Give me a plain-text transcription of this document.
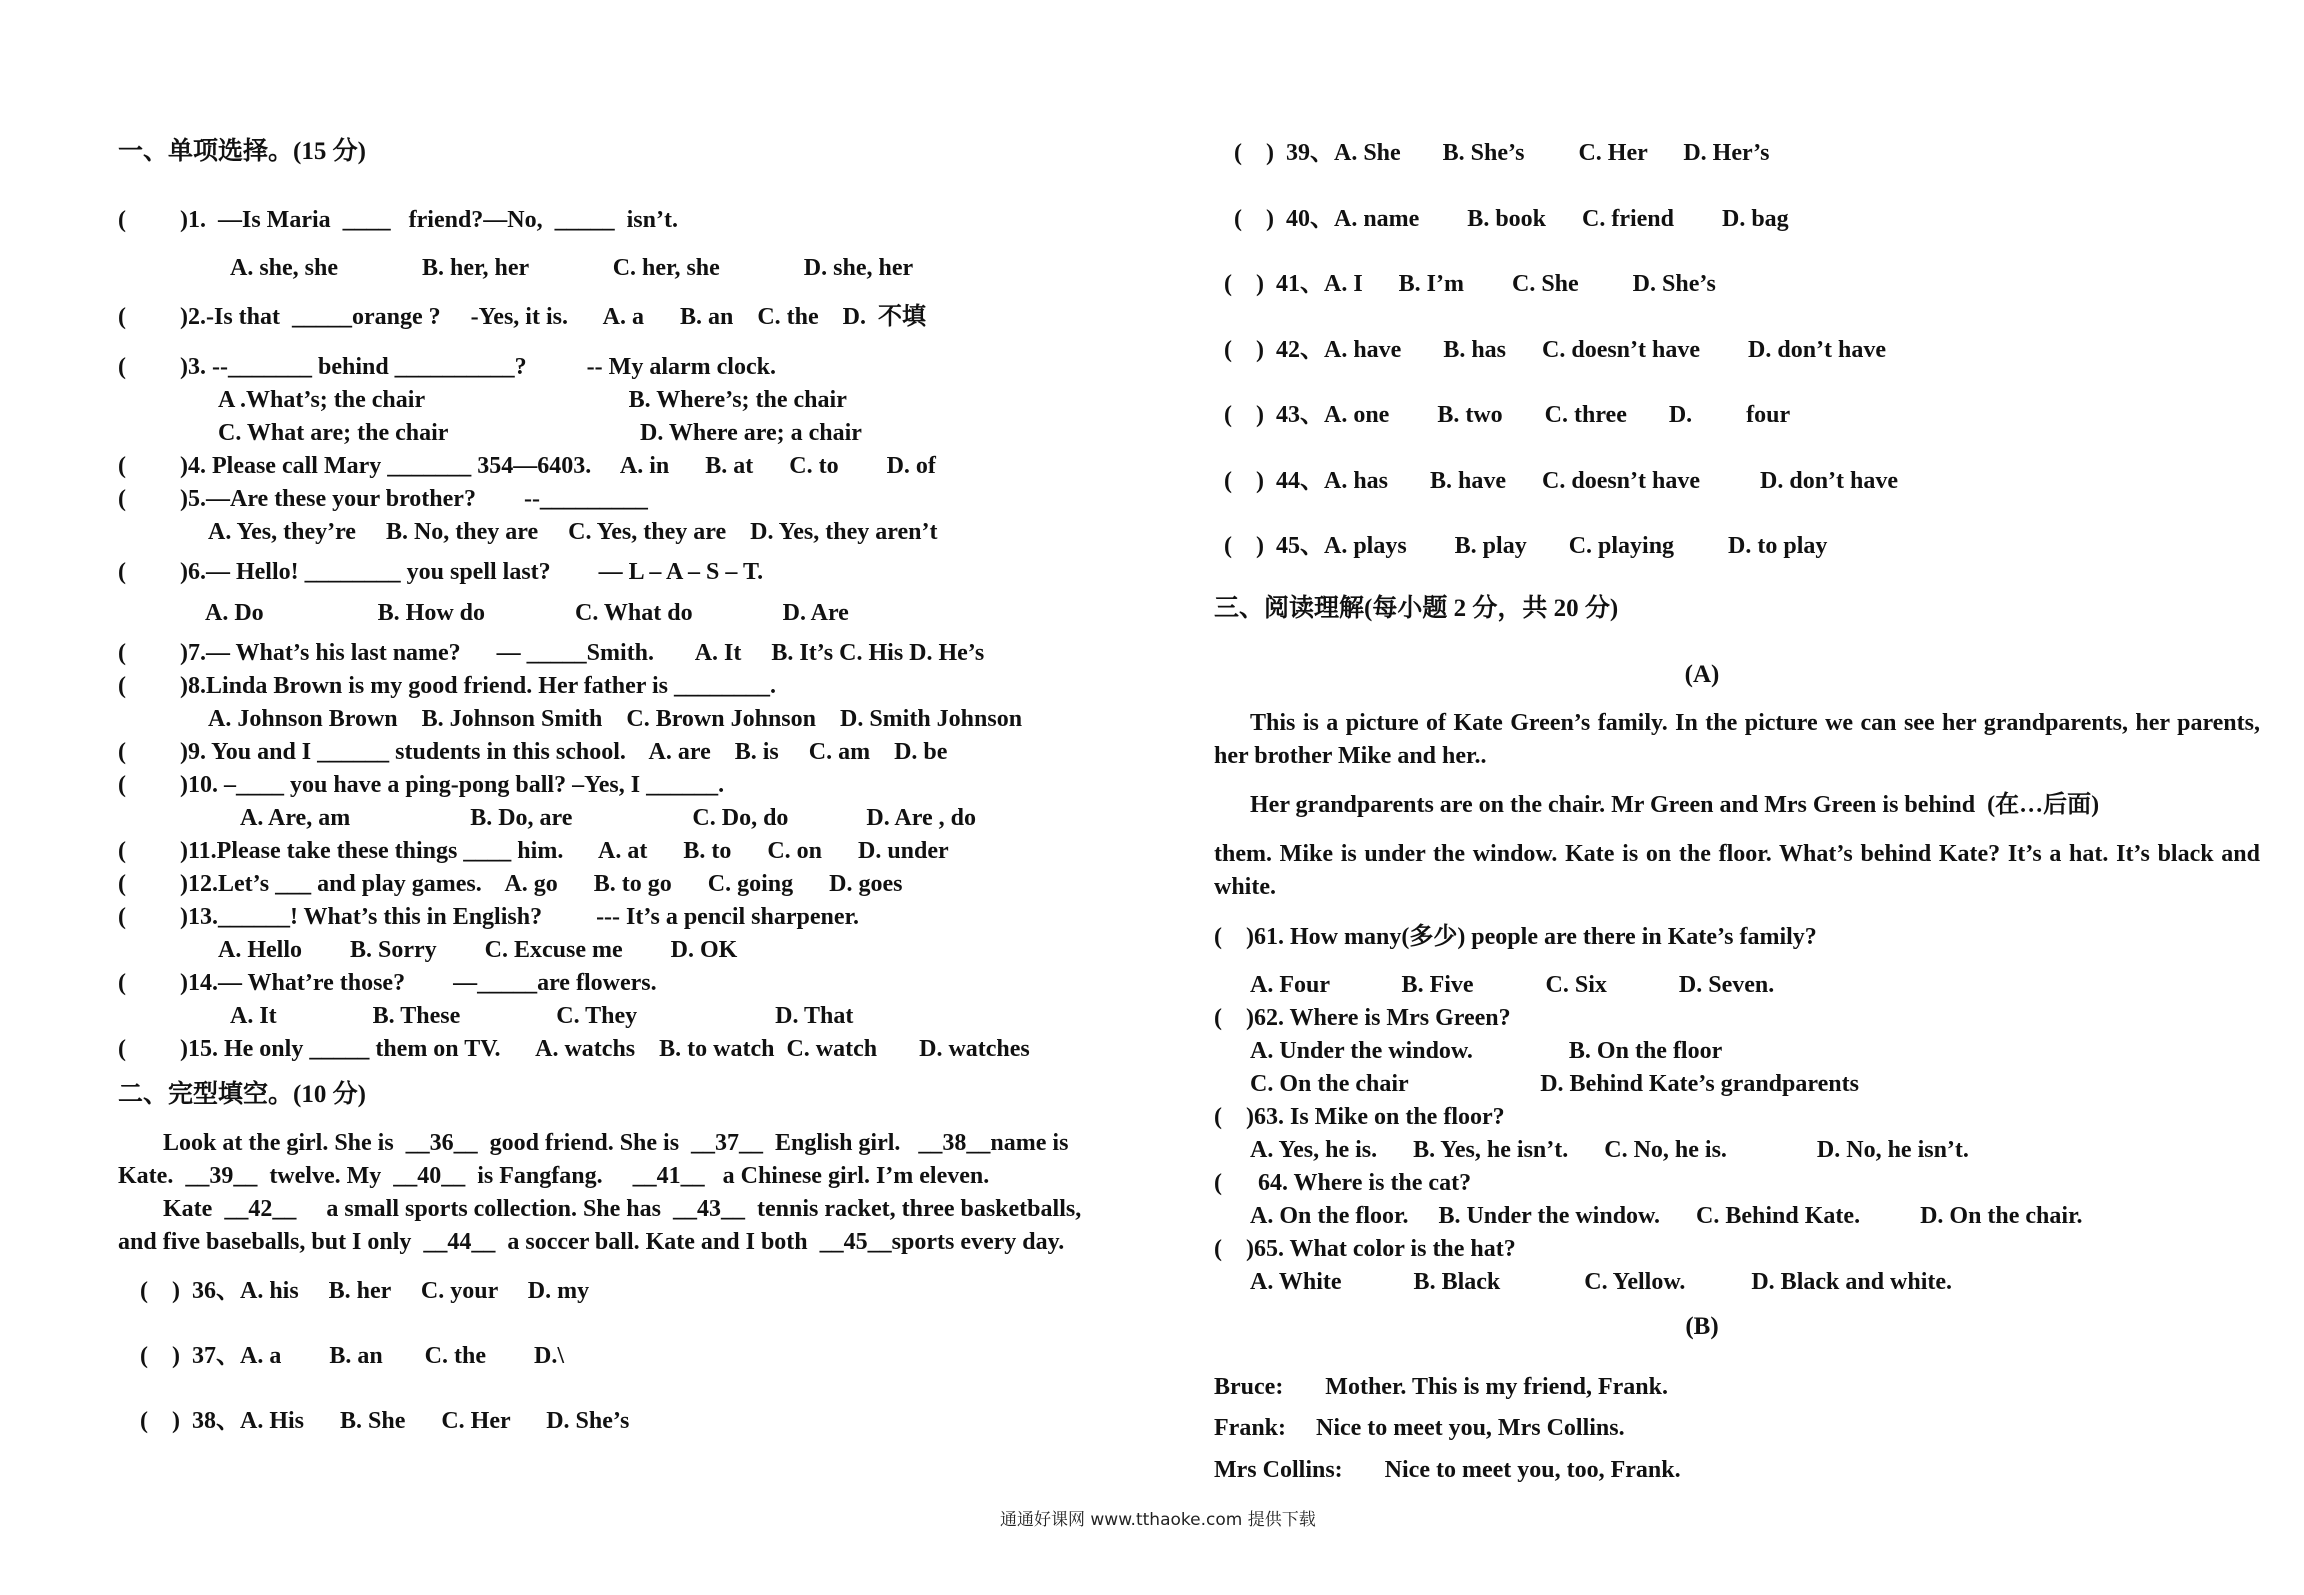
一、单项选择。(15 分)
(         )1.  —Is Maria  ____   friend?—No,  _____  isn’t.
A. she, she              B. her, her              C. her, she              D. she, her
(         )2.-Is that  _____orange ?     -Yes, it is.      A. a      B. an    C. the    D.  不填
(         )3. --_______ behind __________?          -- My alarm clock.
A .What’s; the chair                                  B. Where’s; the chair
C. What are; the chair                                D. Where are; a chair
(         )4. Please call Mary _______ 354—6403.     A. in      B. at      C. to        D. of
(         )5.—Are these your brother?        --_________
A. Yes, they’re     B. No, they are     C. Yes, they are    D. Yes, they aren’t
(         )6.— Hello! ________ you spell last?        — L – A – S – T.
A. Do                   B. How do               C. What do               D. Are
(         )7.— What’s his last name?      — _____Smith.       A. It     B. It’s C. His D. He’s
(         )8.Linda Brown is my good friend. Her father is ________.
A. Johnson Brown    B. Johnson Smith    C. Brown Johnson    D. Smith Johnson
(         )9. You and I ______ students in this school.    A. are    B. is     C. am    D. be
(         )10. –____ you have a ping-pong ball? –Yes, I ______.
A. Are, am                    B. Do, are                    C. Do, do             D. Are , do
(         )11.Please take these things ____ him.      A. at      B. to      C. on      D. under
(         )12.Let’s ___ and play games.    A. go      B. to go      C. going      D. goes
(         )13.______! What’s this in English?         --- It’s a pencil sharpener.
A. Hello        B. Sorry        C. Excuse me        D. OK
(         )14.— What’re those?        —_____are flowers.
A. It                B. These                C. They                       D. That
(         )15. He only _____ them on TV.      A. watchs    B. to watch  C. watch       D. watches
二、完型填空。(10 分)
Look at the girl. She is  __36__  good friend. She is  __37__  English girl.   __38__name is
Kate.  __39__  twelve. My  __40__  is Fangfang.     __41__   a Chinese girl. I’m eleven.
Kate  __42__     a small sports collection. She has  __43__  tennis racket, three basketballs,
and five baseballs, but I only  __44__  a soccer ball. Kate and I both  __45__sports every day.
(    )  36、A. his     B. her     C. your     D. my
(    )  37、A. a        B. an       C. the        D.\
(    )  38、A. His      B. She      C. Her      D. She’s
(    )  39、A. She       B. She’s         C. Her      D. Her’s
(    )  40、A. name        B. book      C. friend        D. bag
(    )  41、A. I      B. I’m        C. She         D. She’s
(    )  42、A. have       B. has      C. doesn’t have        D. don’t have
(    )  43、A. one        B. two       C. three       D.         four
(    )  44、A. has       B. have      C. doesn’t have          D. don’t have
(    )  45、A. plays        B. play       C. playing         D. to play
三、阅读理解(每小题 2 分，共 20 分)
(A)
This is a picture of Kate Green’s family. In the picture we can see her grandparents, her parents, her brother Mike and her..
Her grandparents are on the chair. Mr Green and Mrs Green is behind  (在…后面)
them. Mike is under the window. Kate is on the floor. What’s behind Kate? It’s a hat. It’s black and white.
(    )61. How many(多少) people are there in Kate’s family?
A. Four            B. Five            C. Six            D. Seven.
(    )62. Where is Mrs Green?
A. Under the window.                B. On the floor
C. On the chair                      D. Behind Kate’s grandparents
(    )63. Is Mike on the floor?
A. Yes, he is.      B. Yes, he isn’t.      C. No, he is.               D. No, he isn’t.
(      64. Where is the cat?
A. On the floor.     B. Under the window.      C. Behind Kate.          D. On the chair.
(    )65. What color is the hat?
A. White            B. Black              C. Yellow.           D. Black and white.
(B)
Bruce:       Mother. This is my friend, Frank.
Frank:     Nice to meet you, Mrs Collins.
Mrs Collins:       Nice to meet you, too, Frank.
通通好课网 www.tthaoke.com 提供下载
